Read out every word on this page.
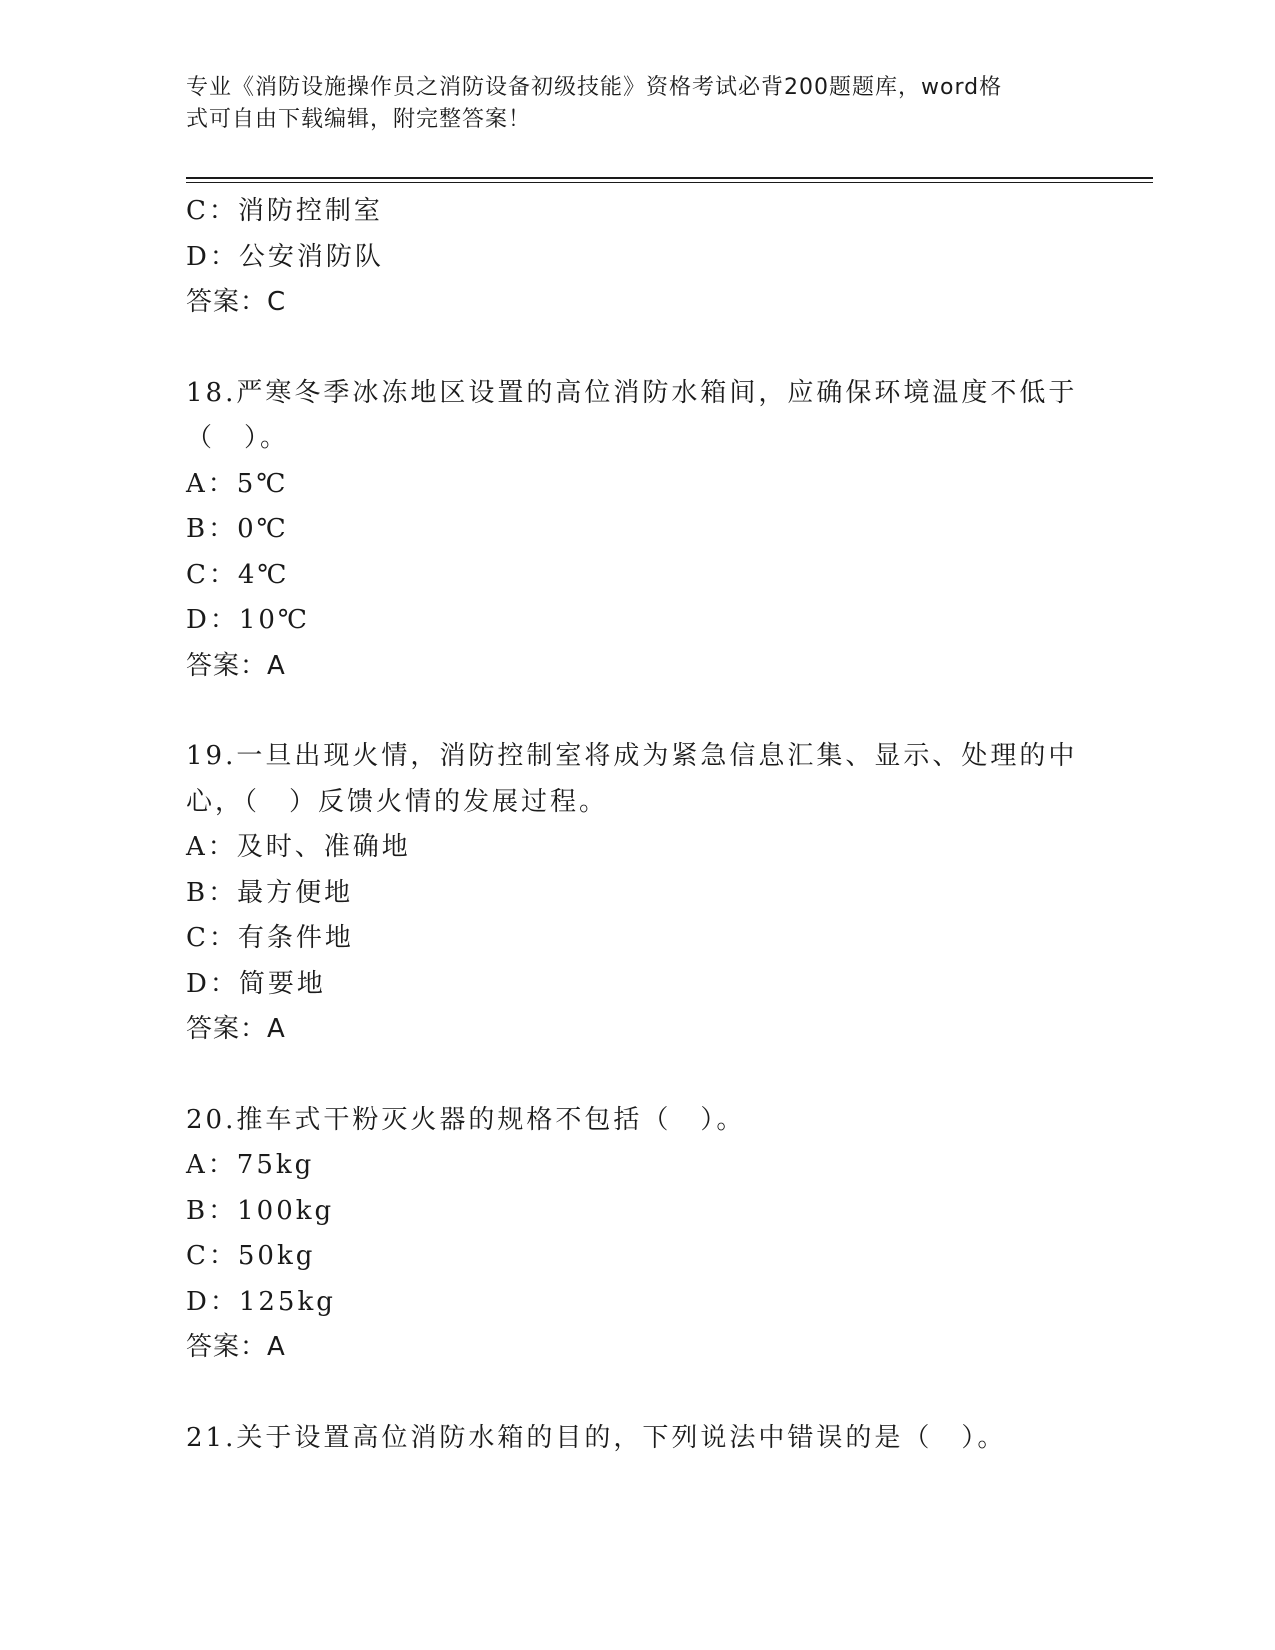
专业《消防设施操作员之消防设备初级技能》资格考试必背200题题库，word格
式可自由下载编辑，附完整答案！
C：消防控制室
D：公安消防队
答案：C
18.严寒冬季冰冻地区设置的高位消防水箱间，应确保环境温度不低于
（　）。
A：5℃
B：0℃
C：4℃
D：10℃
答案：A
19.一旦出现火情，消防控制室将成为紧急信息汇集、显示、处理的中
心，（　）反馈火情的发展过程。
A：及时、准确地
B：最方便地
C：有条件地
D：简要地
答案：A
20.推车式干粉灭火器的规格不包括（　）。
A：75kg
B：100kg
C：50kg
D：125kg
答案：A
21.关于设置高位消防水箱的目的，下列说法中错误的是（　）。
